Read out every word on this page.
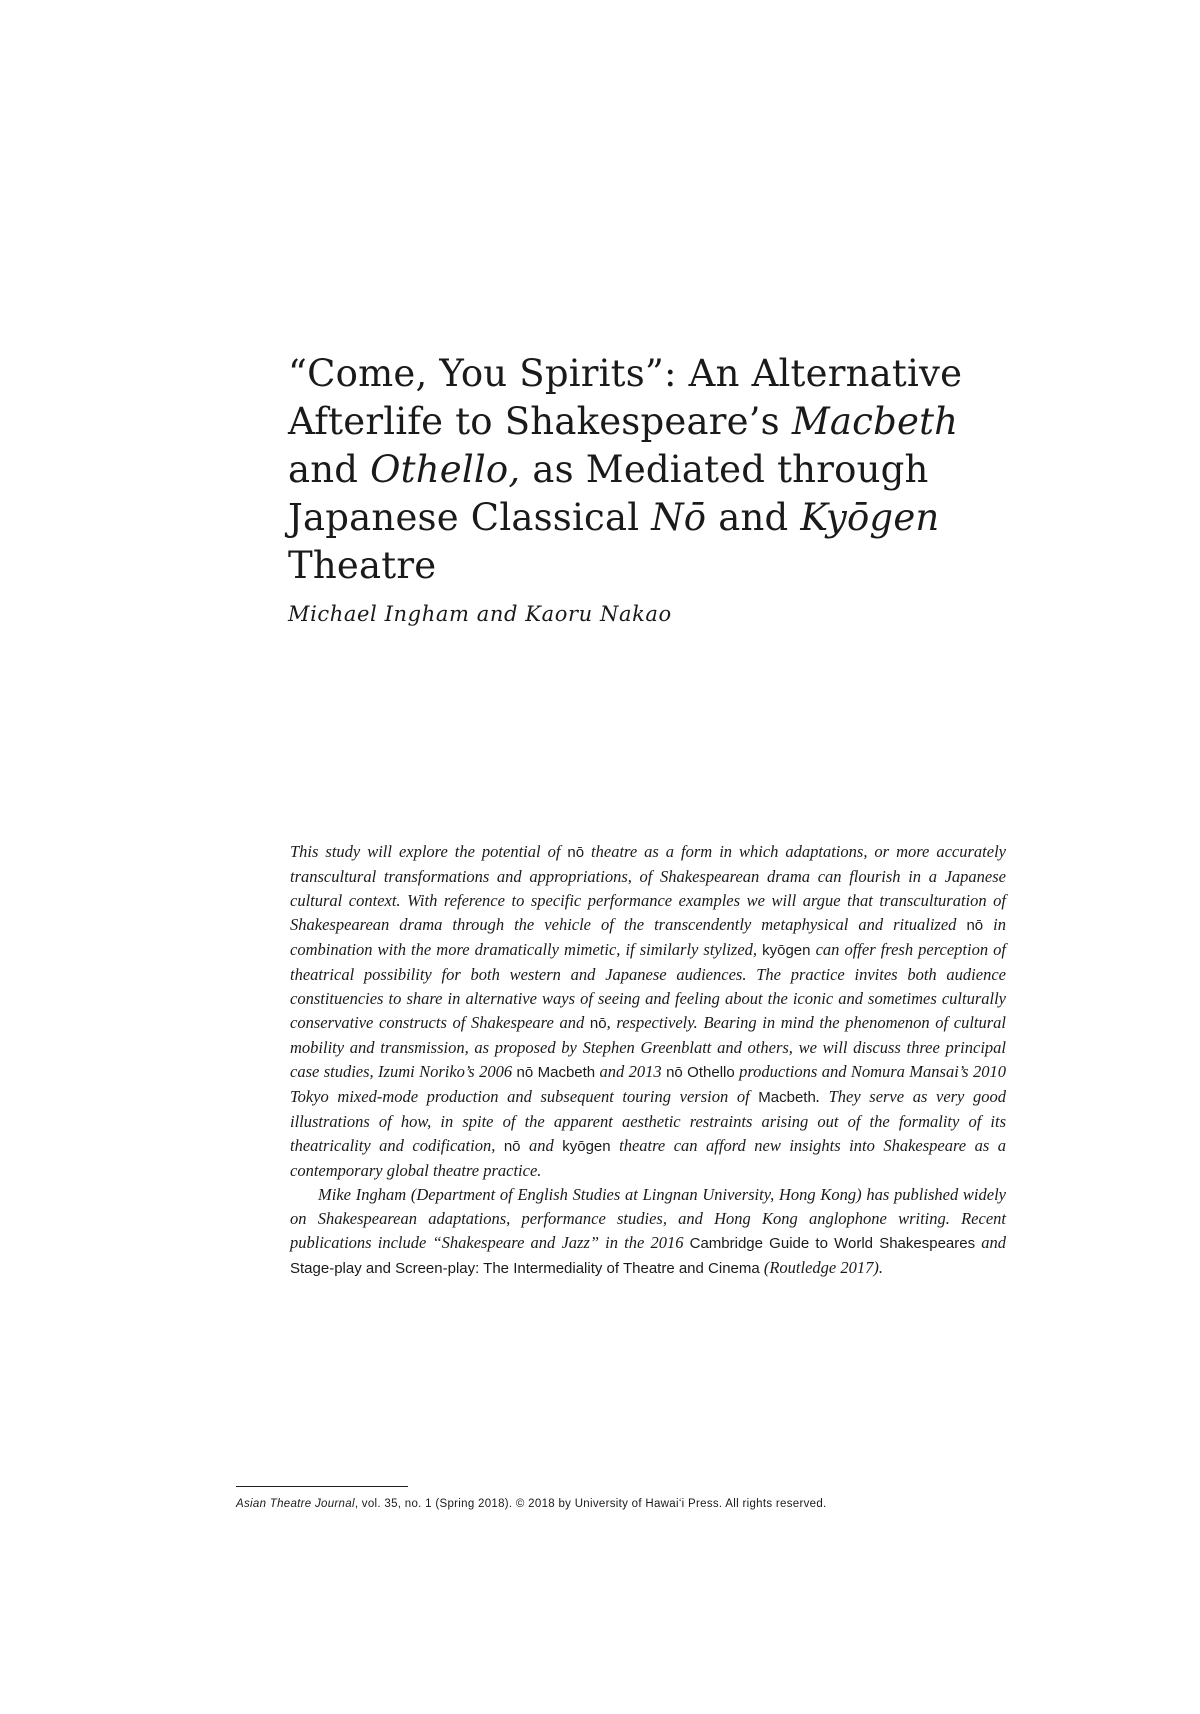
“Come, You Spirits”: An Alternative
Afterlife to Shakespeare’s Macbeth
and Othello, as Mediated through
Japanese Classical Nō and Kyōgen
Theatre

Michael Ingham and Kaoru Nakao

This study will explore the potential of nō theatre as a form in which adaptations, or more accurately transcultural transformations and appropriations, of Shakespearean drama can flourish in a Japanese cultural context. With reference to specific performance examples we will argue that transculturation of Shakespearean drama through the vehicle of the transcendently metaphysical and ritualized nō in combination with the more dramatically mimetic, if similarly stylized, kyōgen can offer fresh perception of theatrical possibility for both western and Japanese audiences. The practice invites both audience constituencies to share in alternative ways of seeing and feeling about the iconic and sometimes culturally conservative constructs of Shakespeare and nō, respectively. Bearing in mind the phenomenon of cultural mobility and transmission, as proposed by Stephen Greenblatt and others, we will discuss three principal case studies, Izumi Noriko’s 2006 nō Macbeth and 2013 nō Othello productions and Nomura Mansai’s 2010 Tokyo mixed-mode production and subsequent touring version of Macbeth. They serve as very good illustrations of how, in spite of the apparent aesthetic restraints arising out of the formality of its theatricality and codification, nō and kyōgen theatre can afford new insights into Shakespeare as a contemporary global theatre practice.

Mike Ingham (Department of English Studies at Lingnan University, Hong Kong) has published widely on Shakespearean adaptations, performance studies, and Hong Kong anglophone writing. Recent publications include “Shakespeare and Jazz” in the 2016 Cambridge Guide to World Shakespeares and Stage-play and Screen-play: The Intermediality of Theatre and Cinema (Routledge 2017).

Asian Theatre Journal, vol. 35, no. 1 (Spring 2018). © 2018 by University of Hawai‘i Press. All rights reserved.
